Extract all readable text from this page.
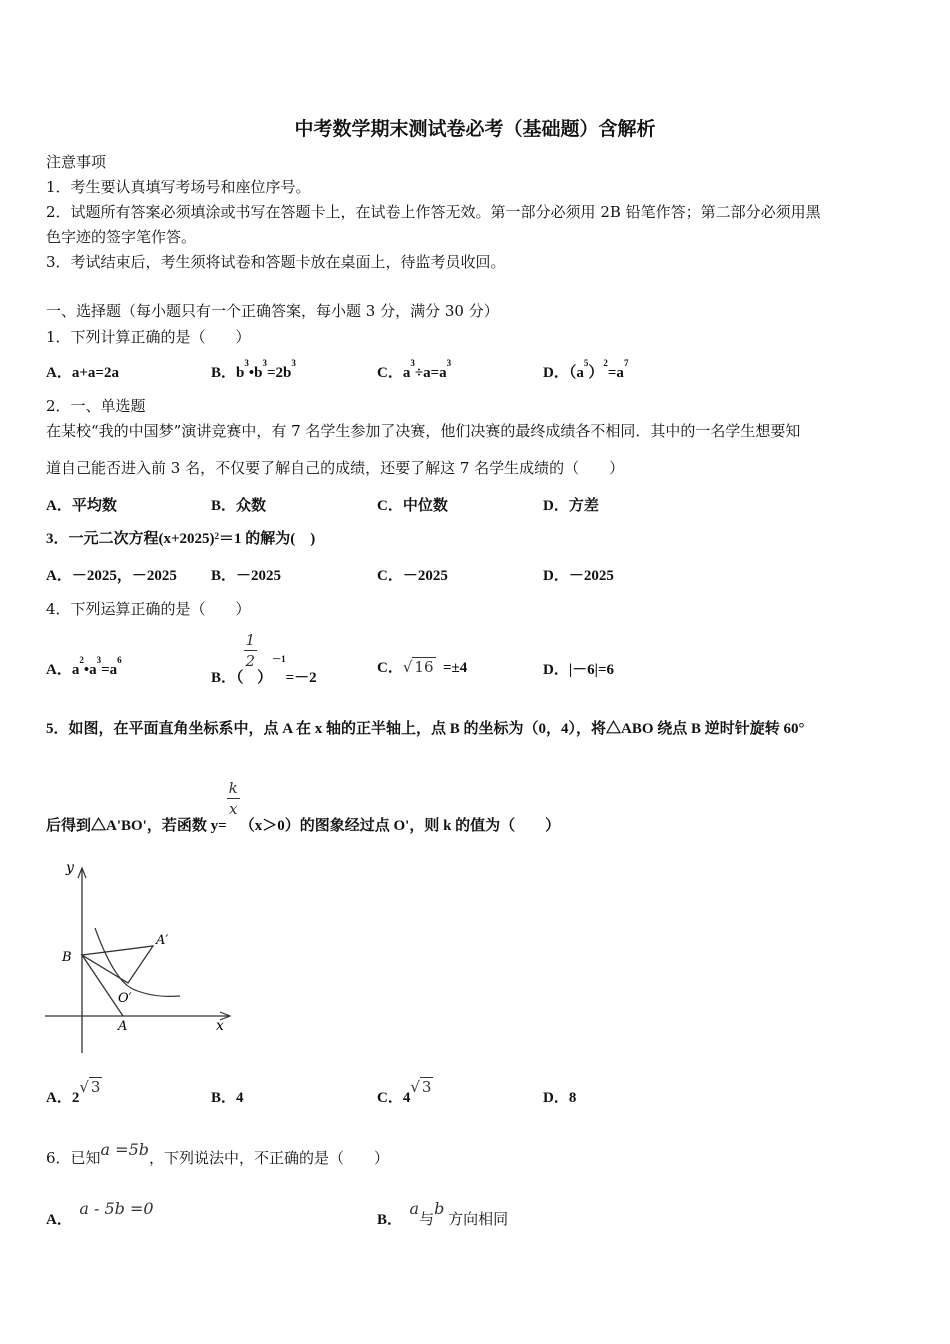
中考数学期末测试卷必考（基础题）含解析
注意事项
1．考生要认真填写考场号和座位序号。
2．试题所有答案必须填涂或书写在答题卡上，在试卷上作答无效。第一部分必须用 2B 铅笔作答；第二部分必须用黑
色字迹的签字笔作答。
3．考试结束后，考生须将试卷和答题卡放在桌面上，待监考员收回。
一、选择题（每小题只有一个正确答案，每小题 3 分，满分 30 分）
1．下列计算正确的是（　　）
A．a+a=2a	B．$b^3•b^3=2b^3$
C．$a^3\div a=a^3$
D．$(a^5)^2=a^7$
2．一、单选题
在某校“我的中国梦”演讲竞赛中，有 7 名学生参加了决赛，他们决赛的最终成绩各不相同．其中的一名学生想要知
道自己能否进入前 3 名，不仅要了解自己的成绩，还要了解这 7 名学生成绩的（　　）
A．平均数	B．众数	C．中位数	D．方差
3．一元二次方程$(x+2025)^2=1$ 的解为(　)
A．－2025，－2025 B．－2025	C．－2025	D．－2025
4．下列运算正确的是（　　）
A．$a^2•a^3=a^6$
B．（
$\frac{1}{2}$
）$^{-1}$=－2
C．√ 16 =±4	D．|－6|=6
5．如图，在平面直角坐标系中，点 A 在 x 轴的正半轴上，点 B 的坐标为（0，4），将△ABO 绕点 B 逆时针旋转 60°
后得到△A'BO'，若函数 y=
$\frac{k}{x}$
（x＞0）的图象经过点 O'，则 k 的值为（　　）
y
x
B
A
A′
O′
A．2√ 3
B．4	C．4√ 3
D．8
6．已知a =5b，下列说法中，不正确的是（　　）
A．  a - 5b =0
B．  a与b 方向相同
